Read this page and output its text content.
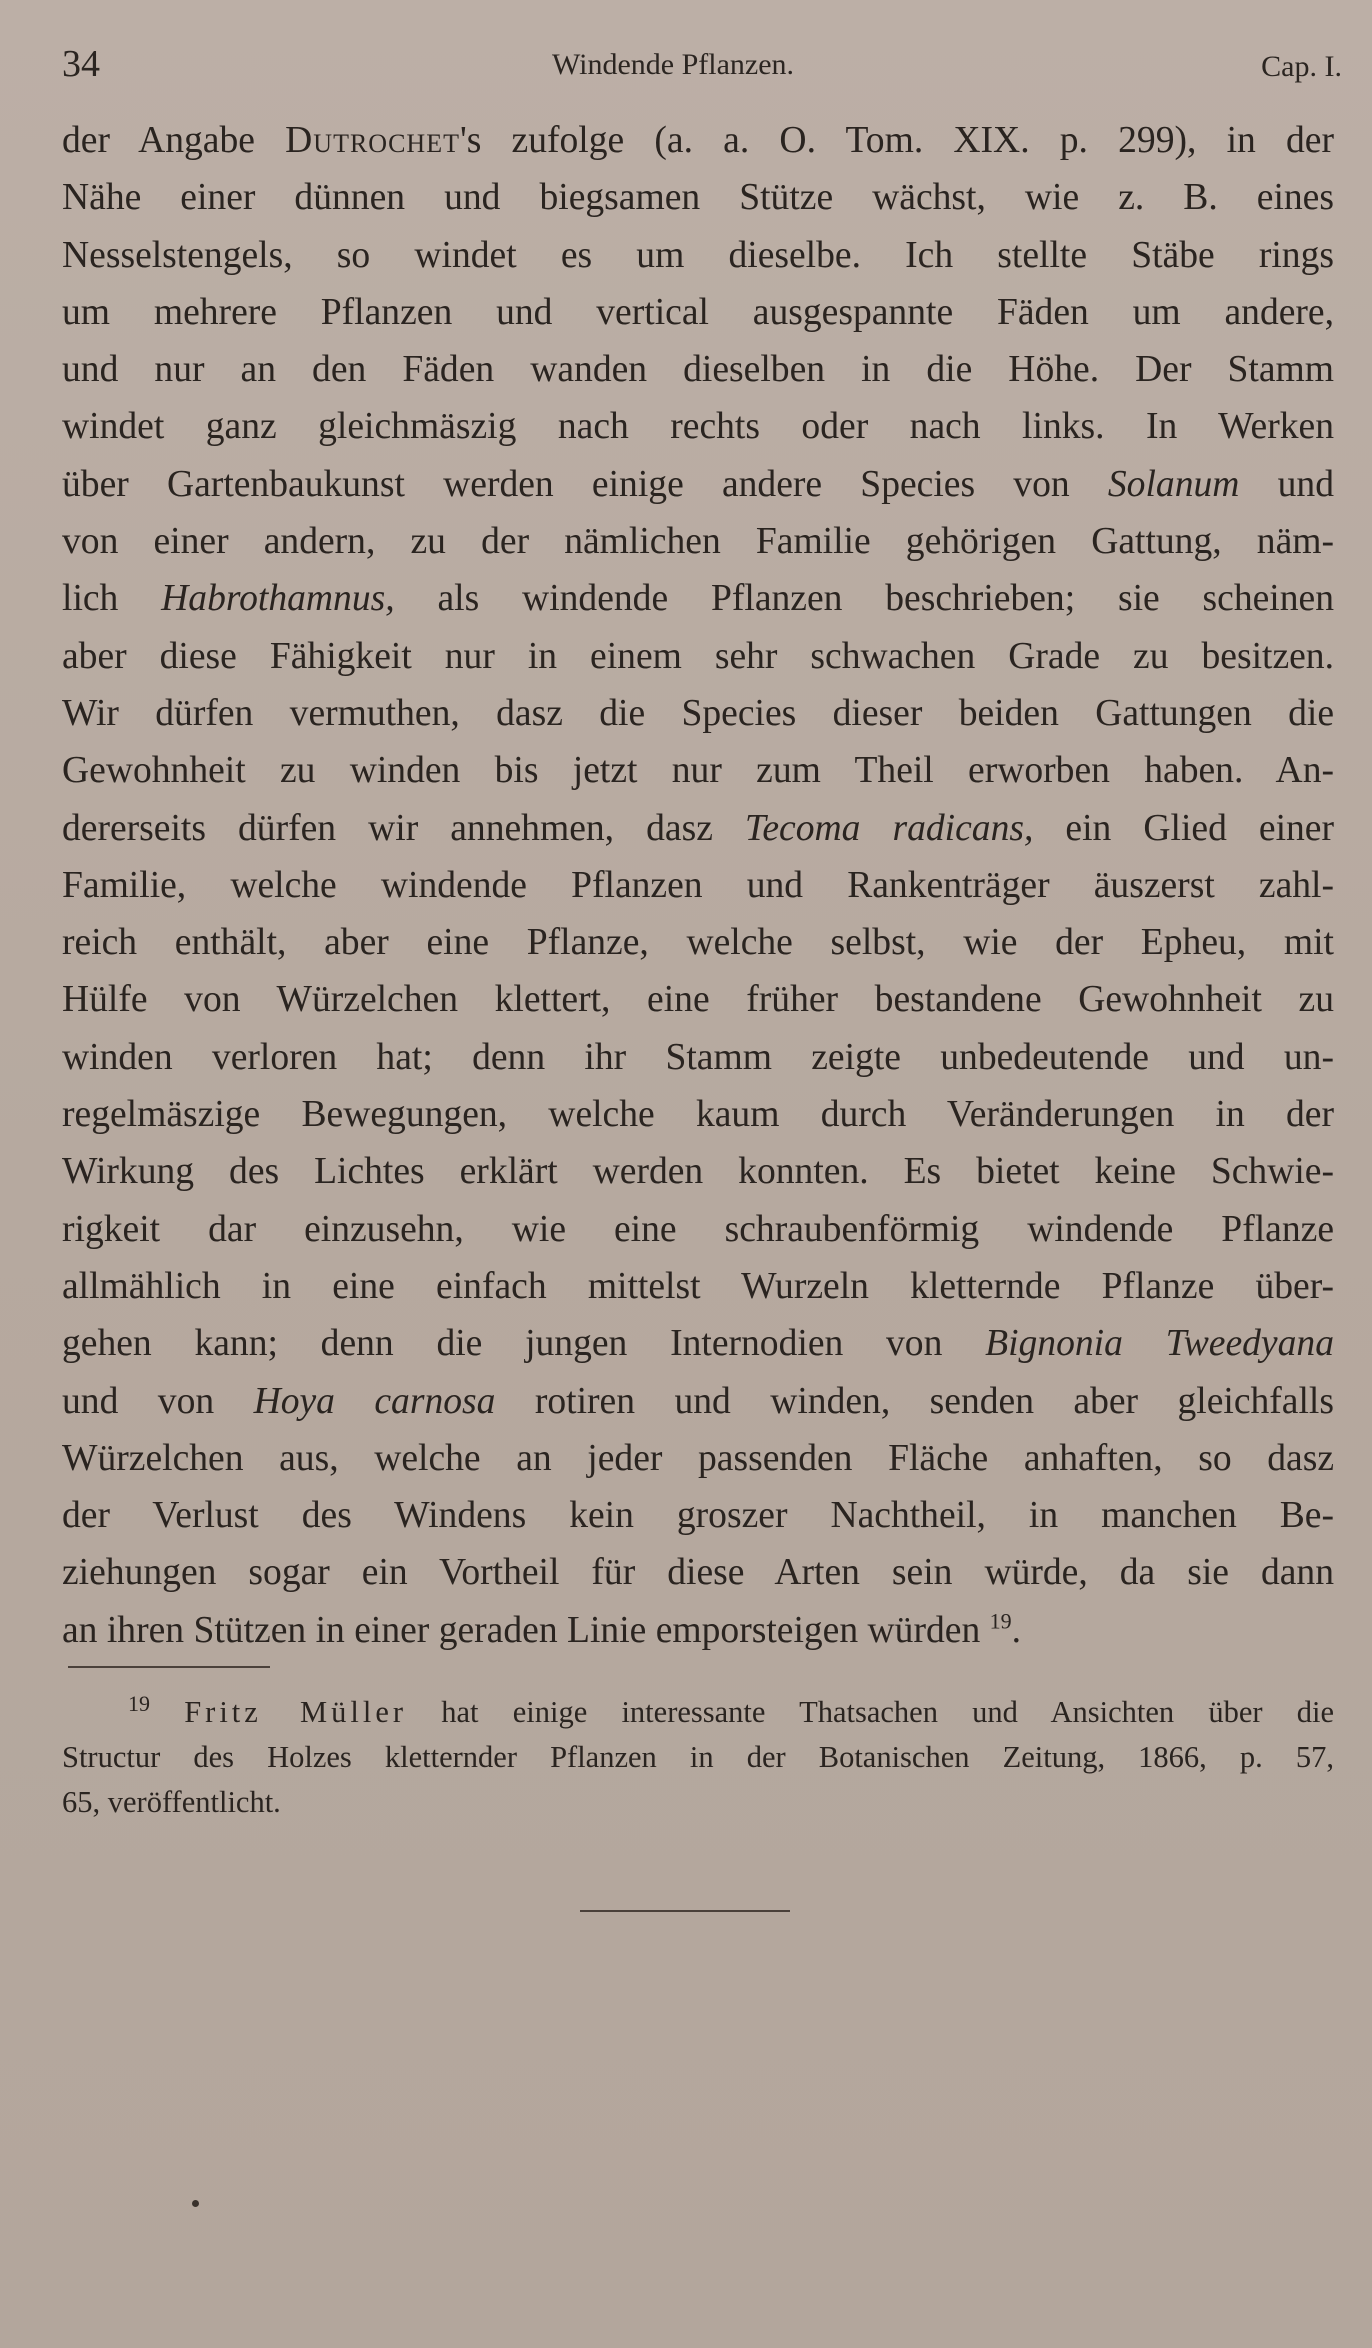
34	Windende Pflanzen.	Cap. I.
der Angabe Dutrochet's zufolge (a. a. O. Tom. XIX. p. 299), in der
Nähe einer dünnen und biegsamen Stütze wächst, wie z. B. eines
Nesselstengels, so windet es um dieselbe. Ich stellte Stäbe rings
um mehrere Pflanzen und vertical ausgespannte Fäden um andere,
und nur an den Fäden wanden dieselben in die Höhe. Der Stamm
windet ganz gleichmäszig nach rechts oder nach links. In Werken
über Gartenbaukunst werden einige andere Species von Solanum und
von einer andern, zu der nämlichen Familie gehörigen Gattung, näm-
lich Habrothamnus, als windende Pflanzen beschrieben; sie scheinen
aber diese Fähigkeit nur in einem sehr schwachen Grade zu besitzen.
Wir dürfen vermuthen, dasz die Species dieser beiden Gattungen die
Gewohnheit zu winden bis jetzt nur zum Theil erworben haben. An-
dererseits dürfen wir annehmen, dasz Tecoma radicans, ein Glied einer
Familie, welche windende Pflanzen und Rankenträger äuszerst zahl-
reich enthält, aber eine Pflanze, welche selbst, wie der Epheu, mit
Hülfe von Würzelchen klettert, eine früher bestandene Gewohnheit zu
winden verloren hat; denn ihr Stamm zeigte unbedeutende und un-
regelmäszige Bewegungen, welche kaum durch Veränderungen in der
Wirkung des Lichtes erklärt werden konnten. Es bietet keine Schwie-
rigkeit dar einzusehn, wie eine schraubenförmig windende Pflanze
allmählich in eine einfach mittelst Wurzeln kletternde Pflanze über-
gehen kann; denn die jungen Internodien von Bignonia Tweedyana
und von Hoya carnosa rotiren und winden, senden aber gleichfalls
Würzelchen aus, welche an jeder passenden Fläche anhaften, so dasz
der Verlust des Windens kein groszer Nachtheil, in manchen Be-
ziehungen sogar ein Vortheil für diese Arten sein würde, da sie dann
an ihren Stützen in einer geraden Linie emporsteigen würden $^{19}$.
$^{19}$ Fritz Müller hat einige interessante Thatsachen und Ansichten über die
Structur des Holzes kletternder Pflanzen in der Botanischen Zeitung, 1866, p. 57,
65, veröffentlicht.
